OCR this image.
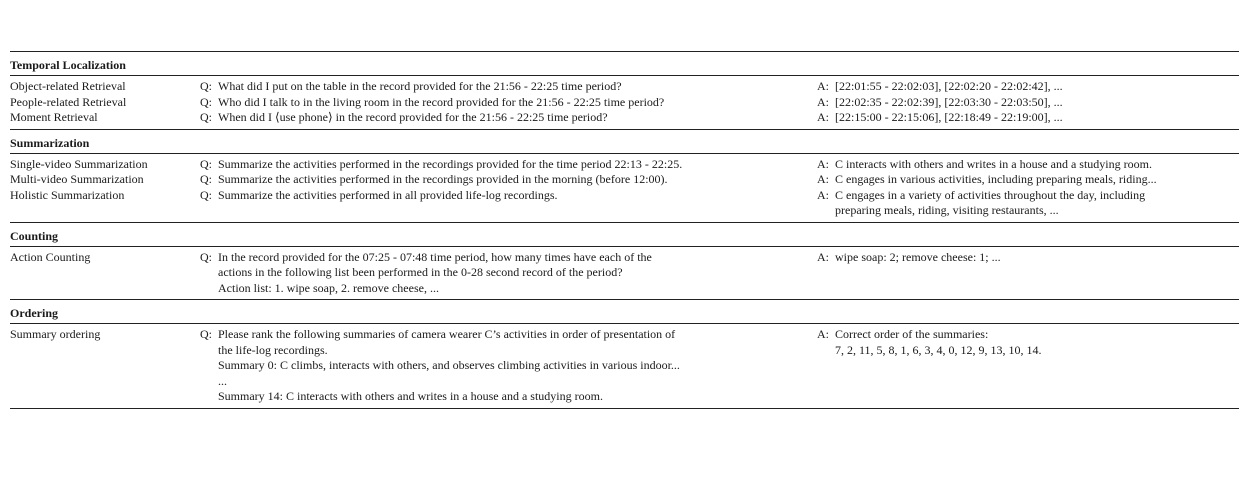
Temporal Localization
Object-related Retrieval	Q: What did I put on the table in the record provided for the 21:56 - 22:25 time period?	A: [22:01:55 - 22:02:03], [22:02:20 - 22:02:42], ...
People-related Retrieval	Q: Who did I talk to in the living room in the record provided for the 21:56 - 22:25 time period?	A: [22:02:35 - 22:02:39], [22:03:30 - 22:03:50], ...
Moment Retrieval	Q: When did I ⟨use phone⟩ in the record provided for the 21:56 - 22:25 time period?	A: [22:15:00 - 22:15:06], [22:18:49 - 22:19:00], ...
Summarization
Single-video Summarization	Q: Summarize the activities performed in the recordings provided for the time period 22:13 - 22:25.	A: C interacts with others and writes in a house and a studying room.
Multi-video Summarization	Q: Summarize the activities performed in the recordings provided in the morning (before 12:00).	A: C engages in various activities, including preparing meals, riding...
Holistic Summarization	Q: Summarize the activities performed in all provided life-log recordings.	A: C engages in a variety of activities throughout the day, including
preparing meals, riding, visiting restaurants, ...
Counting
Action Counting	Q: In the record provided for the 07:25 - 07:48 time period, how many times have each of the
actions in the following list been performed in the 0-28 second record of the period?
Action list: 1. wipe soap, 2. remove cheese, ...
A: wipe soap: 2; remove cheese: 1; ...
Ordering
Summary ordering	Q: Please rank the following summaries of camera wearer C’s activities in order of presentation of
the life-log recordings.
Summary 0: C climbs, interacts with others, and observes climbing activities in various indoor...
...
Summary 14: C interacts with others and writes in a house and a studying room.
A: Correct order of the summaries:
7, 2, 11, 5, 8, 1, 6, 3, 4, 0, 12, 9, 13, 10, 14.
